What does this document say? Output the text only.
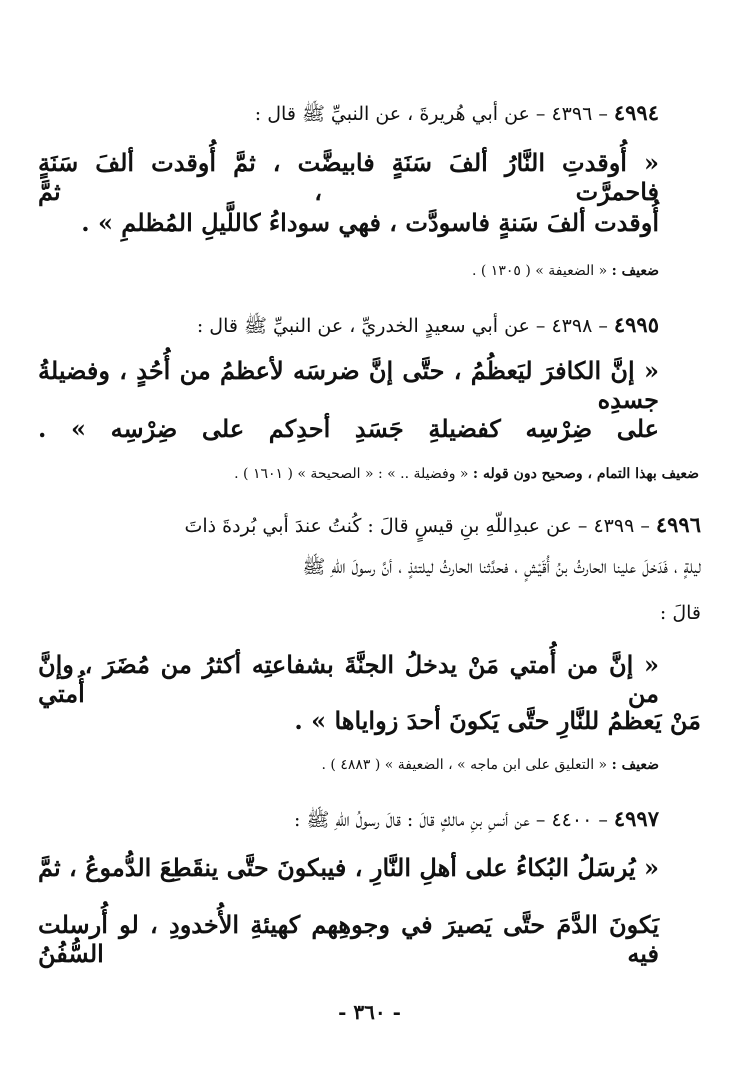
٤٩٩٤ – ٤٣٩٦ – عن أبي هُريرةَ ، عن النبيِّ ﷺ قال :
« أُوقدتِ النَّارُ ألفَ سَنَةٍ فابيضَّت ، ثمَّ أُوقدت ألفَ سَنَةٍ فاحمرَّت ، ثمَّ
أُوقدت ألفَ سَنةٍ فاسودَّت ، فهي سوداءُ كاللَّيلِ المُظلمِ » .
ضعيف : « الضعيفة » ( ١٣٠٥ ) .
٤٩٩٥ – ٤٣٩٨ – عن أبي سعيدٍ الخدريِّ ، عن النبيِّ ﷺ قال :
« إنَّ الكافرَ ليَعظُمُ ، حتَّى إنَّ ضرسَه لأعظمُ من أُحُدٍ ، وفضيلةُ جسدِه
على ضِرْسِه كفضيلةِ جَسَدِ أحدِكم على ضِرْسِه » .
ضعيف بهذا التمام ، وصحيح دون قوله : « وفضيلة .. » : « الصحيحة » ( ١٦٠١ ) .
٤٩٩٦ – ٤٣٩٩ – عن عبدِاللّهِ بنِ قيسٍ قالَ : كُنتُ عندَ أبي بُردةَ ذاتَ
ليلةٍ ، فَدَخلَ علينا الحارثُ بنُ أُقَيْشٍ ، فحدَّثنا الحارثُ ليلتئذٍ ، أنَّ رسولَ اللّهِ ﷺ
قالَ :
« إنَّ من أُمتي مَنْ يدخلُ الجنَّةَ بشفاعتِه أكثرُ من مُضَرَ ، وإنَّ من أُمتي
مَنْ يَعظمُ للنَّارِ حتَّى يَكونَ أحدَ زواياها » .
ضعيف : « التعليق على ابن ماجه » ، الضعيفة » ( ٤٨٨٣ ) .
٤٩٩٧ – ٤٤٠٠ – عن أنسِ بنِ مالكٍ قالَ : قالَ رسولُ اللّهِ ﷺ :
« يُرسَلُ البُكاءُ على أهلِ النَّارِ ، فيبكونَ حتَّى ينقَطِعَ الدُّموعُ ، ثمَّ
يَكونَ الدَّمَ حتَّى يَصيرَ في وجوهِهم كهيئةِ الأُخدودِ ، لو أُرسلت فيه السُّفُنُ
- ٣٦٠ -
